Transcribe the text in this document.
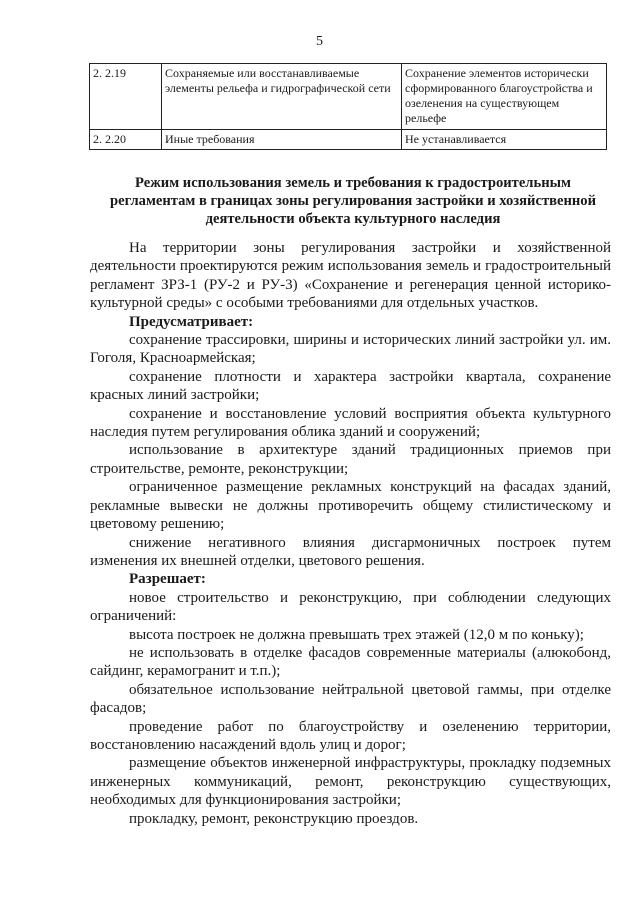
5
2. 2.19	Сохраняемые или восстанавливаемые элементы рельефа и гидрографической сети	Сохранение элементов исторически сформированного благоустройства и озеленения на существующем рельефе
2. 2.20	Иные требования	Не устанавливается
Режим использования земель и требования к градостроительным регламентам в границах зоны регулирования застройки и хозяйственной деятельности объекта культурного наследия

На территории зоны регулирования застройки и хозяйственной деятельности проектируются режим использования земель и градостроительный регламент ЗРЗ-1 (РУ-2 и РУ-3) «Сохранение и регенерация ценной историко-культурной среды» с особыми требованиями для отдельных участков.

Предусматривает:

сохранение трассировки, ширины и исторических линий застройки ул. им. Гоголя, Красноармейская;

сохранение плотности и характера застройки квартала, сохранение красных линий застройки;

сохранение и восстановление условий восприятия объекта культурного наследия путем регулирования облика зданий и сооружений;

использование в архитектуре зданий традиционных приемов при строительстве, ремонте, реконструкции;

ограниченное размещение рекламных конструкций на фасадах зданий, рекламные вывески не должны противоречить общему стилистическому и цветовому решению;

снижение негативного влияния дисгармоничных построек путем изменения их внешней отделки, цветового решения.

Разрешает:

новое строительство и реконструкцию, при соблюдении следующих ограничений:

высота построек не должна превышать трех этажей (12,0 м по коньку);

не использовать в отделке фасадов современные материалы (алюкобонд, сайдинг, керамогранит и т.п.);

обязательное использование нейтральной цветовой гаммы, при отделке фасадов;

проведение работ по благоустройству и озеленению территории, восстановлению насаждений вдоль улиц и дорог;

размещение объектов инженерной инфраструктуры, прокладку подземных инженерных коммуникаций, ремонт, реконструкцию существующих, необходимых для функционирования застройки;

прокладку, ремонт, реконструкцию проездов.
